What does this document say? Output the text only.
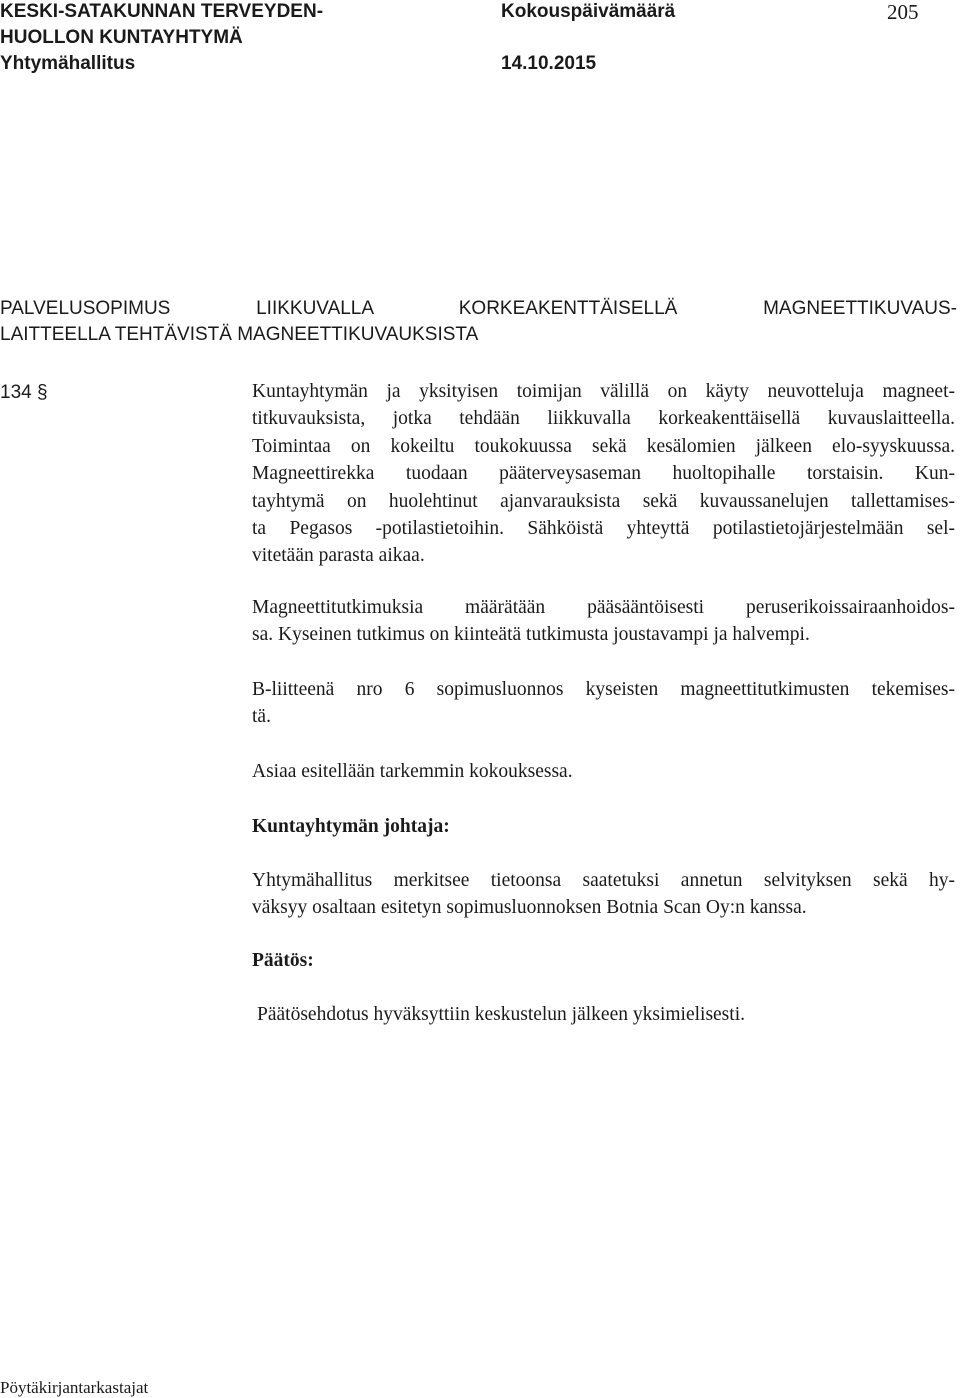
KESKI-SATAKUNNAN TERVEYDEN-
HUOLLON KUNTAYHTYMÄ
Yhtymähallitus
Kokouspäivämäärä
14.10.2015
205
PALVELUSOPIMUS LIIKKUVALLA KORKEAKENTTÄISELLÄ MAGNEETTIKUVAUS-
LAITTEELLA TEHTÄVISTÄ MAGNEETTIKUVAUKSISTA
134 §	Kuntayhtymän ja yksityisen toimijan välillä on käyty neuvotteluja magneet-
titkuvauksista, jotka tehdään liikkuvalla korkeakenttäisellä kuvauslaitteella.
Toimintaa on kokeiltu toukokuussa sekä kesälomien jälkeen elo-syyskuussa.
Magneettirekka tuodaan pääterveysaseman huoltopihalle torstaisin. Kun-
tayhtymä on huolehtinut ajanvarauksista sekä kuvaussanelujen tallettamises-
ta Pegasos -potilastietoihin. Sähköistä yhteyttä potilastietojärjestelmään sel-
vitetään parasta aikaa.
Magneettitutkimuksia määrätään pääsääntöisesti peruserikoissairaanhoidos-
sa. Kyseinen tutkimus on kiinteätä tutkimusta joustavampi ja halvempi.
B-liitteenä nro 6 sopimusluonnos kyseisten magneettitutkimusten tekemises-
tä.
Asiaa esitellään tarkemmin kokouksessa.
Kuntayhtymän johtaja:
Yhtymähallitus merkitsee tietoonsa saatetuksi annetun selvityksen sekä hy-
väksyy osaltaan esitetyn sopimusluonnoksen Botnia Scan Oy:n kanssa.
Päätös:
Päätösehdotus hyväksyttiin keskustelun jälkeen yksimielisesti.
Pöytäkirjantarkastajat
